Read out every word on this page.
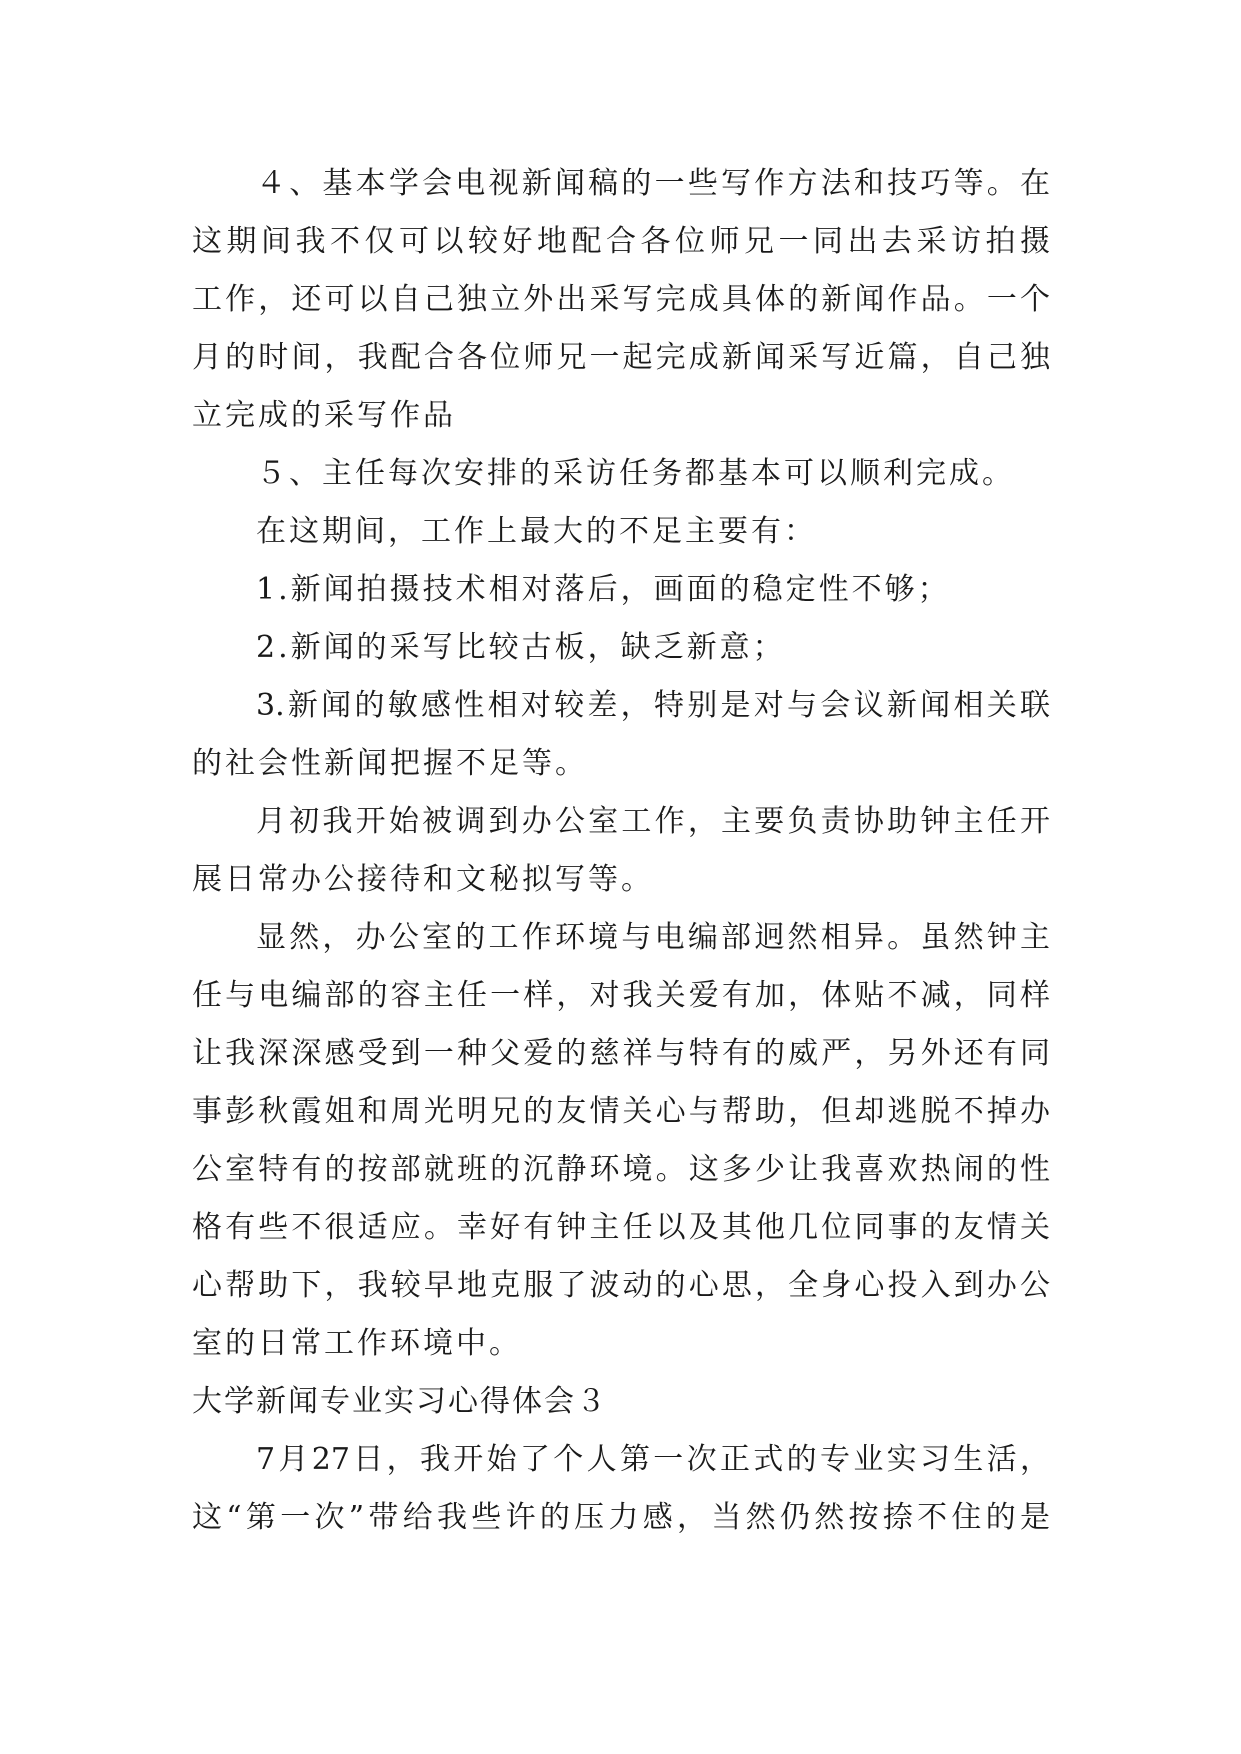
４、基本学会电视新闻稿的一些写作方法和技巧等。在
这期间我不仅可以较好地配合各位师兄一同出去采访拍摄
工作，还可以自己独立外出采写完成具体的新闻作品。一个
月的时间，我配合各位师兄一起完成新闻采写近篇，自己独
立完成的采写作品
５、主任每次安排的采访任务都基本可以顺利完成。
在这期间，工作上最大的不足主要有：
1.新闻拍摄技术相对落后，画面的稳定性不够；
2.新闻的采写比较古板，缺乏新意；
3.新闻的敏感性相对较差，特别是对与会议新闻相关联
的社会性新闻把握不足等。
月初我开始被调到办公室工作，主要负责协助钟主任开
展日常办公接待和文秘拟写等。
显然，办公室的工作环境与电编部迥然相异。虽然钟主
任与电编部的容主任一样，对我关爱有加，体贴不减，同样
让我深深感受到一种父爱的慈祥与特有的威严，另外还有同
事彭秋霞姐和周光明兄的友情关心与帮助，但却逃脱不掉办
公室特有的按部就班的沉静环境。这多少让我喜欢热闹的性
格有些不很适应。幸好有钟主任以及其他几位同事的友情关
心帮助下，我较早地克服了波动的心思，全身心投入到办公
室的日常工作环境中。
大学新闻专业实习心得体会３
7月27日，我开始了个人第一次正式的专业实习生活，
这“第一次”带给我些许的压力感，当然仍然按捺不住的是
